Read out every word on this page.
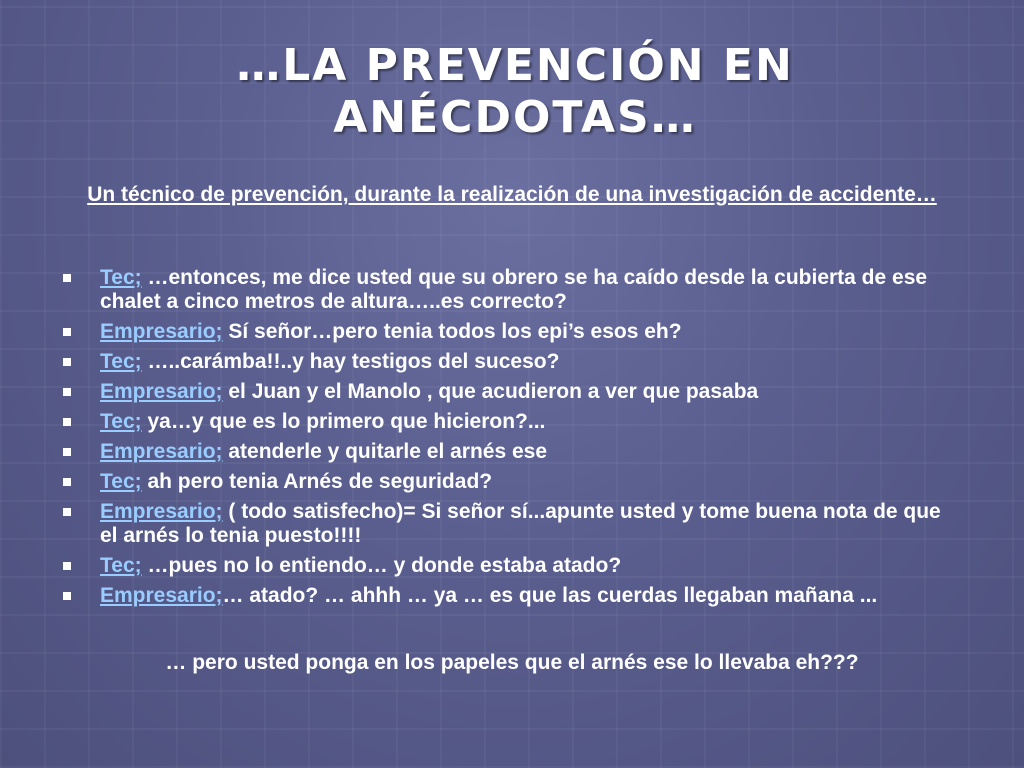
…LA PREVENCIÓN EN ANÉCDOTAS…
Un técnico de prevención, durante la realización de una investigación de accidente…
Tec; …entonces, me dice usted que su obrero se ha caído desde la cubierta de ese chalet a cinco metros de altura…..es correcto?
Empresario; Sí señor…pero tenia todos los epi’s esos eh?
Tec; …..carámba!!..y hay testigos del suceso?
Empresario; el Juan y el Manolo , que acudieron a ver que pasaba
Tec; ya…y que es lo primero que hicieron?...
Empresario; atenderle y quitarle el arnés ese
Tec; ah pero tenia Arnés de seguridad?
Empresario; ( todo satisfecho)= Si señor sí...apunte usted y tome buena nota de que el arnés lo tenia puesto!!!!
Tec; …pues no lo entiendo… y donde estaba atado?
Empresario;… atado? … ahhh … ya … es que las cuerdas llegaban mañana ...
… pero usted ponga en los papeles que el arnés ese lo llevaba eh???
